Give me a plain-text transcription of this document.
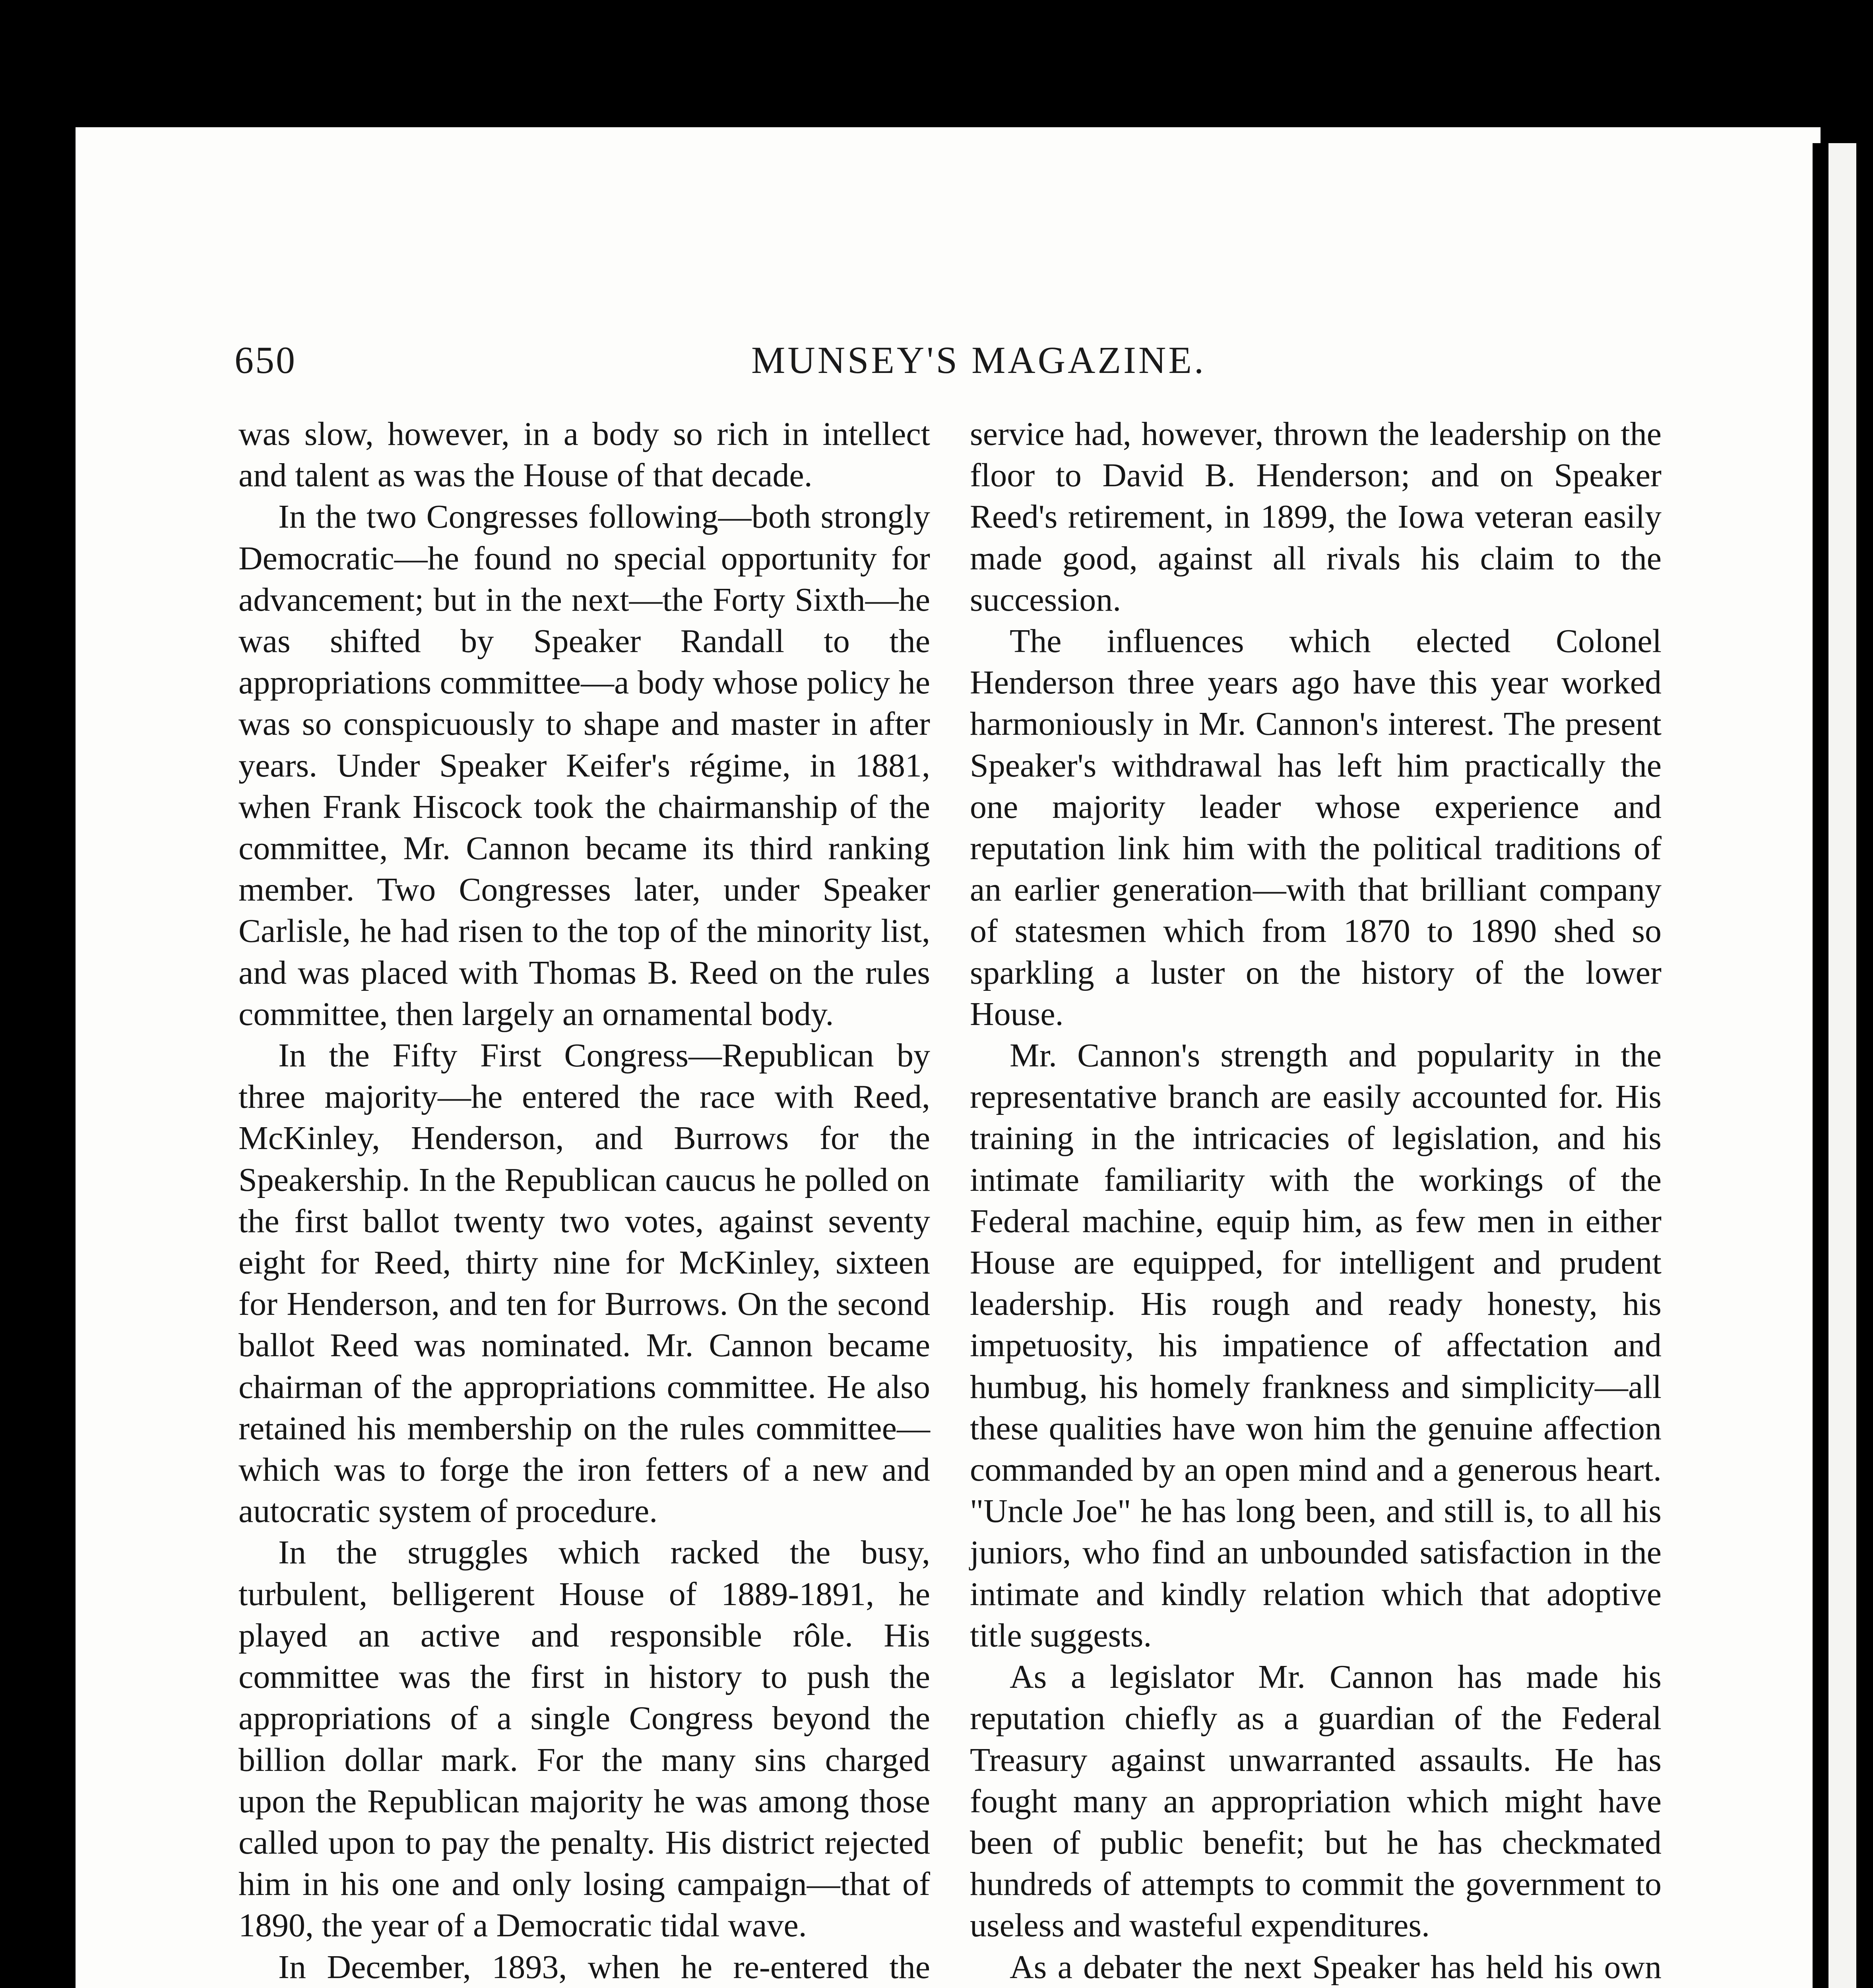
650	MUNSEY'S MAGAZINE.

was slow, however, in a body so rich in intellect and talent as was the House of that decade.

In the two Congresses following—both strongly Democratic—he found no special opportunity for advancement; but in the next—the Forty Sixth—he was shifted by Speaker Randall to the appropriations committee—a body whose policy he was so conspicuously to shape and master in after years. Under Speaker Keifer's régime, in 1881, when Frank Hiscock took the chairmanship of the committee, Mr. Cannon became its third ranking member. Two Congresses later, under Speaker Carlisle, he had risen to the top of the minority list, and was placed with Thomas B. Reed on the rules committee, then largely an ornamental body.

In the Fifty First Congress—Republican by three majority—he entered the race with Reed, McKinley, Henderson, and Burrows for the Speakership. In the Republican caucus he polled on the first ballot twenty two votes, against seventy eight for Reed, thirty nine for McKinley, sixteen for Henderson, and ten for Burrows. On the second ballot Reed was nominated. Mr. Cannon became chairman of the appropriations committee. He also retained his membership on the rules committee—which was to forge the iron fetters of a new and autocratic system of procedure.

In the struggles which racked the busy, turbulent, belligerent House of 1889-1891, he played an active and responsible rôle. His committee was the first in history to push the appropriations of a single Congress beyond the billion dollar mark. For the many sins charged upon the Republican majority he was among those called upon to pay the penalty. His district rejected him in his one and only losing campaign—that of 1890, the year of a Democratic tidal wave.

In December, 1893, when he re-entered the

service had, however, thrown the leadership on the floor to David B. Henderson; and on Speaker Reed's retirement, in 1899, the Iowa veteran easily made good, against all rivals his claim to the succession.

The influences which elected Colonel Henderson three years ago have this year worked harmoniously in Mr. Cannon's interest. The present Speaker's withdrawal has left him practically the one majority leader whose experience and reputation link him with the political traditions of an earlier generation—with that brilliant company of statesmen which from 1870 to 1890 shed so sparkling a luster on the history of the lower House.

Mr. Cannon's strength and popularity in the representative branch are easily accounted for. His training in the intricacies of legislation, and his intimate familiarity with the workings of the Federal machine, equip him, as few men in either House are equipped, for intelligent and prudent leadership. His rough and ready honesty, his impetuosity, his impatience of affectation and humbug, his homely frankness and simplicity—all these qualities have won him the genuine affection commanded by an open mind and a generous heart. "Uncle Joe" he has long been, and still is, to all his juniors, who find an unbounded satisfaction in the intimate and kindly relation which that adoptive title suggests.

As a legislator Mr. Cannon has made his reputation chiefly as a guardian of the Federal Treasury against unwarranted assaults. He has fought many an appropriation which might have been of public benefit; but he has checkmated hundreds of attempts to commit the government to useless and wasteful expenditures.

As a debater the next Speaker has held his own
